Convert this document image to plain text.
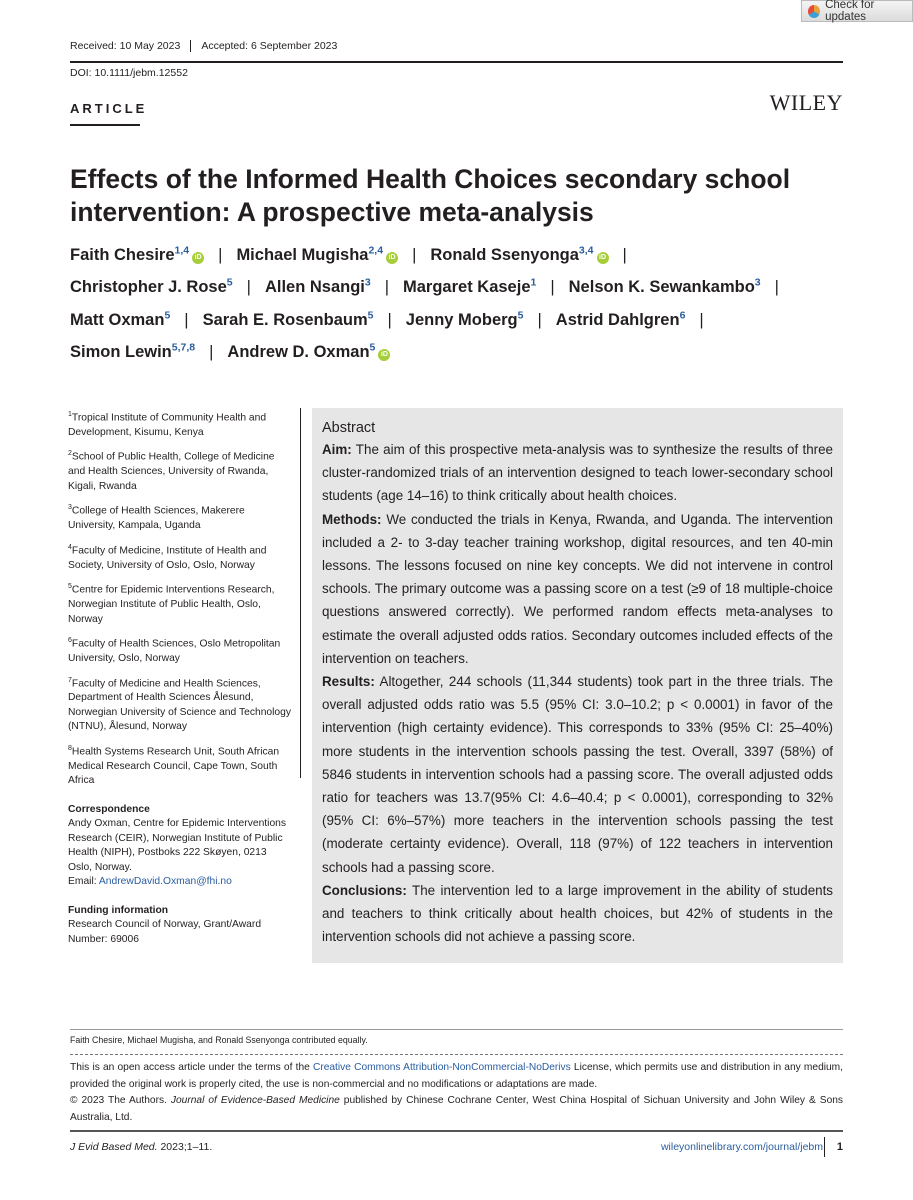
Check for updates
Received: 10 May 2023	Accepted: 6 September 2023
DOI: 10.1111/jebm.12552
ARTICLE	WILEY
Effects of the Informed Health Choices secondary school intervention: A prospective meta-analysis
Faith Chesire$^{1,4}$iD | Michael Mugisha$^{2,4}$iD | Ronald Ssenyonga$^{3,4}$iD |
Christopher J. Rose$^5$ | Allen Nsangi$^3$ | Margaret Kaseje$^1$ | Nelson K. Sewankambo$^3$ |
Matt Oxman$^5$ | Sarah E. Rosenbaum$^5$ | Jenny Moberg$^5$ | Astrid Dahlgren$^6$ |
Simon Lewin$^{5,7,8}$ | Andrew D. Oxman$^5$iD

$^1$Tropical Institute of Community Health and Development, Kisumu, Kenya

$^2$School of Public Health, College of Medicine and Health Sciences, University of Rwanda, Kigali, Rwanda

$^3$College of Health Sciences, Makerere University, Kampala, Uganda

$^4$Faculty of Medicine, Institute of Health and Society, University of Oslo, Oslo, Norway

$^5$Centre for Epidemic Interventions Research, Norwegian Institute of Public Health, Oslo, Norway

$^6$Faculty of Health Sciences, Oslo Metropolitan University, Oslo, Norway

$^7$Faculty of Medicine and Health Sciences, Department of Health Sciences Ålesund, Norwegian University of Science and Technology (NTNU), Ålesund, Norway

$^8$Health Systems Research Unit, South African Medical Research Council, Cape Town, South Africa

Correspondence
Andy Oxman, Centre for Epidemic Interventions Research (CEIR), Norwegian Institute of Public Health (NIPH), Postboks 222 Skøyen, 0213 Oslo, Norway.
Email: AndrewDavid.Oxman@fhi.no
Funding information
Research Council of Norway, Grant/Award Number: 69006
Abstract

Aim: The aim of this prospective meta-analysis was to synthesize the results of three cluster-randomized trials of an intervention designed to teach lower-secondary school students (age 14–16) to think critically about health choices.

Methods: We conducted the trials in Kenya, Rwanda, and Uganda. The intervention included a 2- to 3-day teacher training workshop, digital resources, and ten 40-min lessons. The lessons focused on nine key concepts. We did not intervene in control schools. The primary outcome was a passing score on a test (≥9 of 18 multiple-choice questions answered correctly). We performed random effects meta-analyses to estimate the overall adjusted odds ratios. Secondary outcomes included effects of the intervention on teachers.

Results: Altogether, 244 schools (11,344 students) took part in the three trials. The overall adjusted odds ratio was 5.5 (95% CI: 3.0–10.2; p < 0.0001) in favor of the intervention (high certainty evidence). This corresponds to 33% (95% CI: 25–40%) more students in the intervention schools passing the test. Overall, 3397 (58%) of 5846 students in intervention schools had a passing score. The overall adjusted odds ratio for teachers was 13.7(95% CI: 4.6–40.4; p < 0.0001), corresponding to 32% (95% CI: 6%–57%) more teachers in the intervention schools passing the test (moderate certainty evidence). Overall, 118 (97%) of 122 teachers in intervention schools had a passing score.

Conclusions: The intervention led to a large improvement in the ability of students and teachers to think critically about health choices, but 42% of students in the intervention schools did not achieve a passing score.

Faith Chesire, Michael Mugisha, and Ronald Ssenyonga contributed equally.
This is an open access article under the terms of the Creative Commons Attribution-NonCommercial-NoDerivs License, which permits use and distribution in any medium, provided the original work is properly cited, the use is non-commercial and no modifications or adaptations are made.
© 2023 The Authors. Journal of Evidence-Based Medicine published by Chinese Cochrane Center, West China Hospital of Sichuan University and John Wiley & Sons Australia, Ltd.
J Evid Based Med. 2023;1–11.	wileyonlinelibrary.com/journal/jebm	1
